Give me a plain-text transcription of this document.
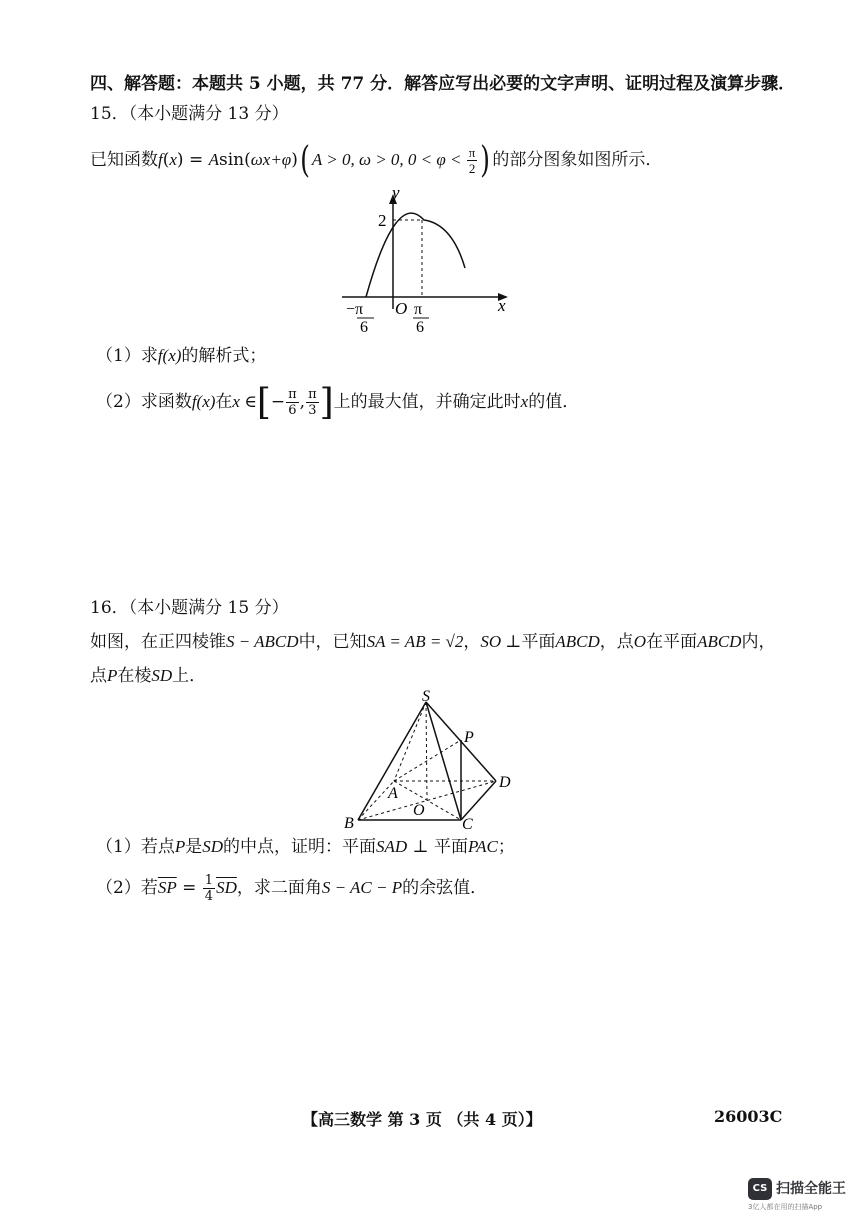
四、解答题：本题共 5 小题，共 77 分．解答应写出必要的文字声明、证明过程及演算步骤．
15．（本小题满分 13 分）
已知函数f(x) = Asin(ωx+φ)( A > 0, ω > 0, $0 < \varphi < \frac{\pi}{2}$ ) 的部分图象如图所示．
y
x
2
O
−π
6
π
6
（1）求f(x)的解析式；
（2）求函数f(x)在x ∈[− $\frac{\pi}{6}$ , $\frac{\pi}{3}$ ]上的最大值，并确定此时x的值．
16．（本小题满分 15 分）
如图，在正四棱锥S − ABCD中，已知SA = AB = √2，SO ⊥平面ABCD，点O在平面ABCD内，
点P在棱SD上．
S
P
A
D
O
B	C
（1）若点P是SD的中点，证明：平面SAD ⊥ 平面PAC；
（2）若$\overline{SP} = \frac{1}{4} \overline{SD}$，求二面角S − AC − P的余弦值．
【高三数学 第 3 页 （共 4 页）】	26003C
CS 扫描全能王
3亿人都在用的扫描App
